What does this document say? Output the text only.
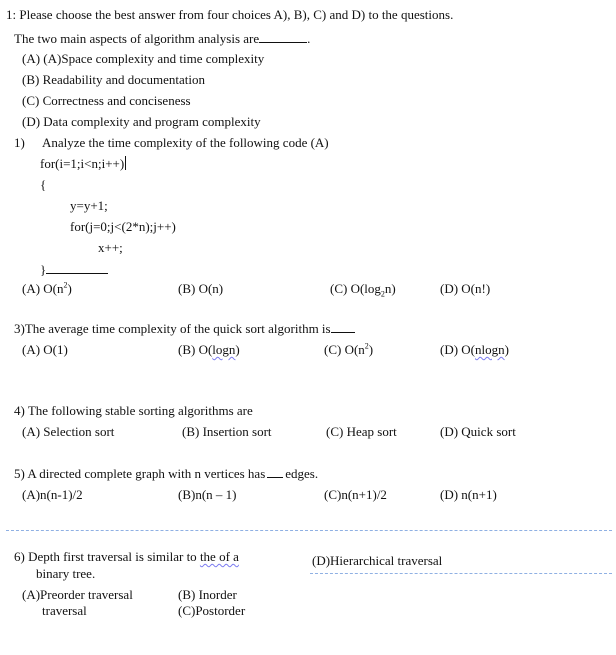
1: Please choose the best answer from four choices A), B), C) and D) to the questions.
The two main aspects of algorithm analysis are	.
(A) (A)Space complexity and time complexity
(B) Readability and documentation
(C) Correctness and conciseness
(D) Data complexity and program complexity
1) Analyze the time complexity of the following code (A)
for(i=1;i<n;i++)
{
y=y+1;
for(j=0;j<(2*n);j++)
x++;
}
(A) $O(n^2)$	(B) O(n)	(C) $O(\log_2n)$	(D) O(n!)
3)The average time complexity of the quick sort algorithm is
(A) O(1)	(B) O(logn)	(C) $O(n^2)$	(D) O(nlogn)
4) The following stable sorting algorithms are
(A) Selection sort	(B) Insertion sort	(C) Heap sort	(D) Quick sort
5) A directed complete graph with n vertices has edges.
(A)n(n-1)/2	(B)n(n – 1)	(C)n(n+1)/2	(D) n(n+1)
6) Depth first traversal is similar to the of a
binary tree.
(D)Hierarchical traversal
(A)Preorder traversal
traversal
(B) Inorder
(C)Postorder
